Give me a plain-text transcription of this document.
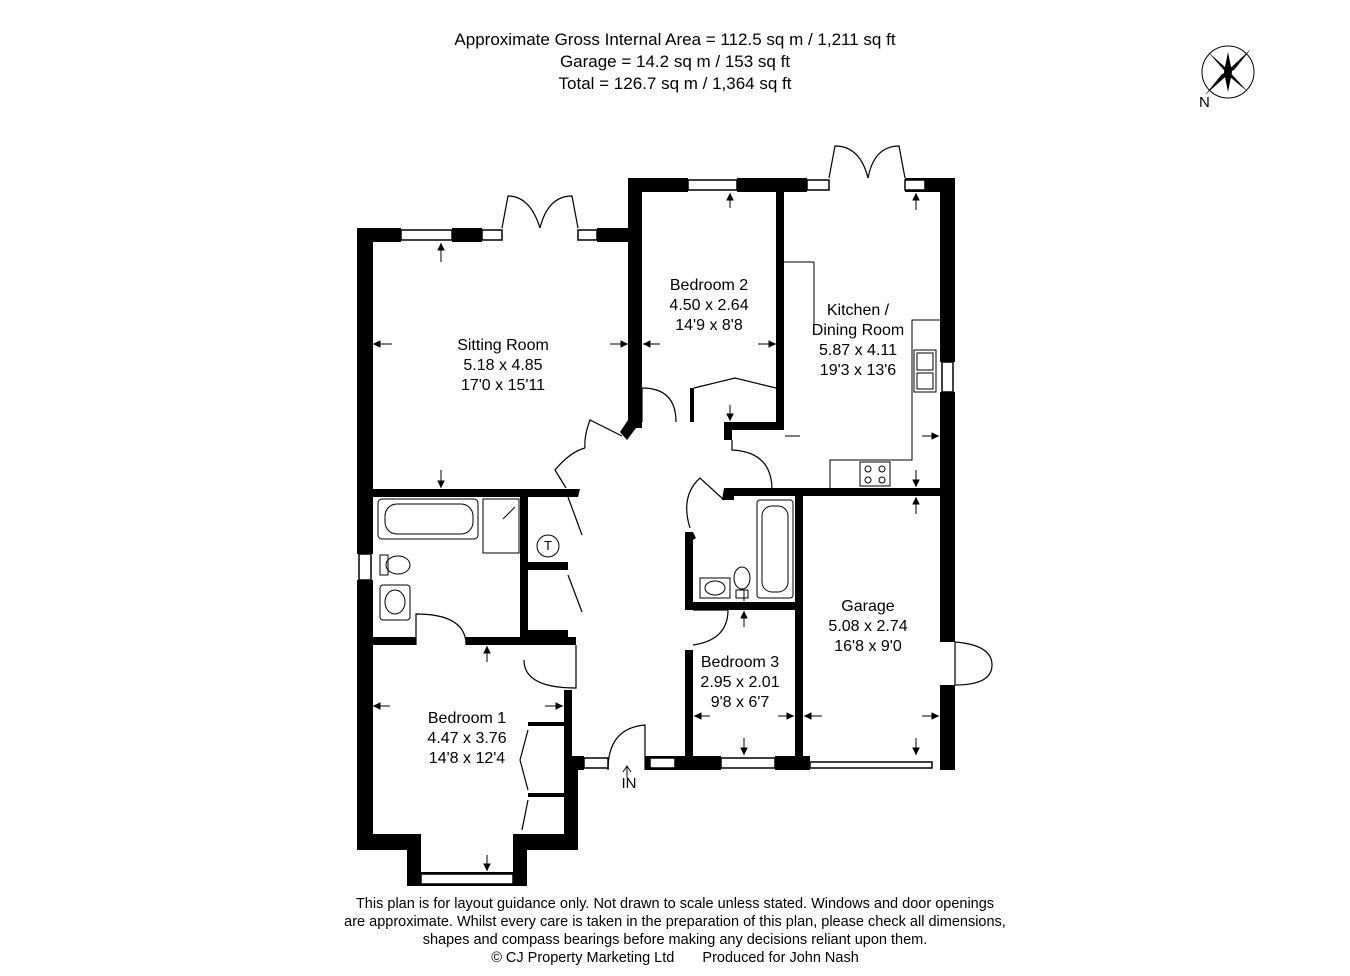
Approximate Gross Internal Area = 112.5 sq m / 1,211 sq ft
Garage = 14.2 sq m / 153 sq ft
Total = 126.7 sq m / 1,364 sq ft
N
Sitting Room
5.18 x 4.85
17'0 x 15'11
Bedroom 2
4.50 x 2.64
14'9 x 8'8
Kitchen /
Dining Room
5.87 x 4.11
19'3 x 13'6
Garage
5.08 x 2.74
16'8 x 9'0
Bedroom 3
2.95 x 2.01
9'8 x 6'7
Bedroom 1
4.47 x 3.76
14'8 x 12'4
T
IN
This plan is for layout guidance only. Not drawn to scale unless stated. Windows and door openings
are approximate. Whilst every care is taken in the preparation of this plan, please check all dimensions,
shapes and compass bearings before making any decisions reliant upon them.
© CJ Property Marketing Ltd Produced for John Nash
